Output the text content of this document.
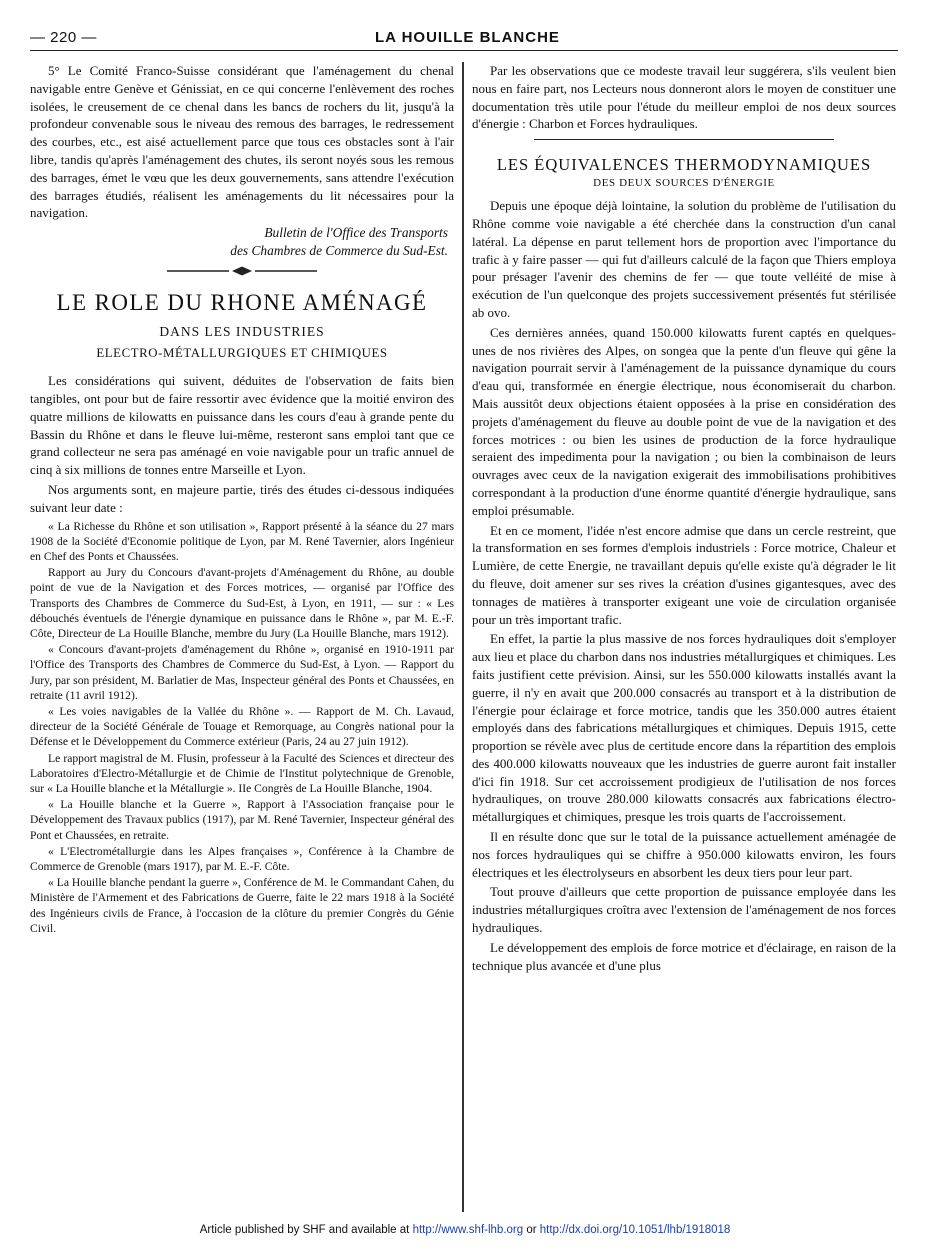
— 220 —	LA HOUILLE BLANCHE

5° Le Comité Franco-Suisse considérant que l'aménagement du chenal navigable entre Genève et Génissiat, en ce qui concerne l'enlèvement des roches isolées, le creusement de ce chenal dans les bancs de rochers du lit, jusqu'à la profondeur convenable sous le niveau des remous des barrages, le redressement des courbes, etc., est aisé actuellement parce que tous ces obstacles sont à l'air libre, tandis qu'après l'aménagement des chutes, ils seront noyés sous les remous des barrages, émet le vœu que les deux gouvernements, sans attendre l'exécution des barrages étudiés, réalisent les aménagements du lit nécessaires pour la navigation.

Bulletin de l'Office des Transports
des Chambres de Commerce du Sud-Est.
LE ROLE DU RHONE AMÉNAGÉ
DANS LES INDUSTRIES
ELECTRO-MÉTALLURGIQUES ET CHIMIQUES

Les considérations qui suivent, déduites de l'observation de faits bien tangibles, ont pour but de faire ressortir avec évidence que la moitié environ des quatre millions de kilowatts en puissance dans les cours d'eau à grande pente du Bassin du Rhône et dans le fleuve lui-même, resteront sans emploi tant que ce grand collecteur ne sera pas aménagé en voie navigable pour un trafic annuel de cinq à six millions de tonnes entre Marseille et Lyon.

Nos arguments sont, en majeure partie, tirés des études ci-dessous indiquées suivant leur date :

« La Richesse du Rhône et son utilisation », Rapport présenté à la séance du 27 mars 1908 de la Société d'Economie politique de Lyon, par M. René Tavernier, alors Ingénieur en Chef des Ponts et Chaussées.

Rapport au Jury du Concours d'avant-projets d'Aménagement du Rhône, au double point de vue de la Navigation et des Forces motrices, — organisé par l'Office des Transports des Chambres de Commerce du Sud-Est, à Lyon, en 1911, — sur : « Les débouchés éventuels de l'énergie dynamique en puissance dans le Rhône », par M. E.-F. Côte, Directeur de La Houille Blanche, membre du Jury (La Houille Blanche, mars 1912).

« Concours d'avant-projets d'aménagement du Rhône », organisé en 1910-1911 par l'Office des Transports des Chambres de Commerce du Sud-Est, à Lyon. — Rapport du Jury, par son président, M. Barlatier de Mas, Inspecteur général des Ponts et Chaussées, en retraite (11 avril 1912).

« Les voies navigables de la Vallée du Rhône ». — Rapport de M. Ch. Lavaud, directeur de la Société Générale de Touage et Remorquage, au Congrès national pour la Défense et le Développement du Commerce extérieur (Paris, 24 au 27 juin 1912).

Le rapport magistral de M. Flusin, professeur à la Faculté des Sciences et directeur des Laboratoires d'Electro-Métallurgie et de Chimie de l'Institut polytechnique de Grenoble, sur « La Houille blanche et la Métallurgie ». IIe Congrès de La Houille Blanche, 1904.

« La Houille blanche et la Guerre », Rapport à l'Association française pour le Développement des Travaux publics (1917), par M. René Tavernier, Inspecteur général des Pont et Chaussées, en retraite.

« L'Electrométallurgie dans les Alpes françaises », Conférence à la Chambre de Commerce de Grenoble (mars 1917), par M. E.-F. Côte.

« La Houille blanche pendant la guerre », Conférence de M. le Commandant Cahen, du Ministère de l'Armement et des Fabrications de Guerre, faite le 22 mars 1918 à la Société des Ingénieurs civils de France, à l'occasion de la clôture du premier Congrès du Génie Civil.

Par les observations que ce modeste travail leur suggérera, s'ils veulent bien nous en faire part, nos Lecteurs nous donneront alors le moyen de constituer une documentation très utile pour l'étude du meilleur emploi de nos deux sources d'énergie : Charbon et Forces hydrauliques.

LES ÉQUIVALENCES THERMODYNAMIQUES
DES DEUX SOURCES D'ÉNERGIE

Depuis une époque déjà lointaine, la solution du problème de l'utilisation du Rhône comme voie navigable a été cherchée dans la construction d'un canal latéral. La dépense en parut tellement hors de proportion avec l'importance du trafic à y faire passer — qui fut d'ailleurs calculé de la façon que Thiers employa pour présager l'avenir des chemins de fer — que toute velléité de mise à exécution de l'un quelconque des projets successivement présentés fut stérilisée ab ovo.

Ces dernières années, quand 150.000 kilowatts furent captés en quelques-unes de nos rivières des Alpes, on songea que la pente d'un fleuve qui gêne la navigation pourrait servir à l'aménagement de la puissance dynamique du cours d'eau qui, transformée en énergie électrique, nous économiserait du charbon. Mais aussitôt deux objections étaient opposées à la prise en considération des projets d'aménagement du fleuve au double point de vue de la navigation et des forces motrices : ou bien les usines de production de la force hydraulique seraient des impedimenta pour la navigation ; ou bien la combinaison de leurs ouvrages avec ceux de la navigation exigerait des immobilisations prohibitives correspondant à la production d'une énorme quantité d'énergie hydraulique, sans emploi présumable.

Et en ce moment, l'idée n'est encore admise que dans un cercle restreint, que la transformation en ses formes d'emplois industriels : Force motrice, Chaleur et Lumière, de cette Energie, ne travaillant depuis qu'elle existe qu'à dégrader le lit du fleuve, doit amener sur ses rives la création d'usines gigantesques, avec des tonnages de matières à transporter exigeant une voie de circulation organisée pour un très important trafic.

En effet, la partie la plus massive de nos forces hydrauliques doit s'employer aux lieu et place du charbon dans nos industries métallurgiques et chimiques. Les faits justifient cette prévision. Ainsi, sur les 550.000 kilowatts installés avant la guerre, il n'y en avait que 200.000 consacrés au transport et à la distribution de l'énergie pour éclairage et force motrice, tandis que les 350.000 autres étaient employés dans des fabrications métallurgiques et chimiques. Depuis 1915, cette proportion se révèle avec plus de certitude encore dans la répartition des emplois des 400.000 kilowatts nouveaux que les industries de guerre auront fait installer d'ici fin 1918. Sur cet accroissement prodigieux de l'utilisation de nos forces hydrauliques, on trouve 280.000 kilowatts consacrés aux fabrications électro-métallurgiques et chimiques, presque les trois quarts de l'accroissement.

Il en résulte donc que sur le total de la puissance actuellement aménagée de nos forces hydrauliques qui se chiffre à 950.000 kilowatts environ, les fours électriques et les électrolyseurs en absorbent les deux tiers pour leur part.

Tout prouve d'ailleurs que cette proportion de puissance employée dans les industries métallurgiques croîtra avec l'extension de l'aménagement de nos forces hydrauliques.

Le développement des emplois de force motrice et d'éclairage, en raison de la technique plus avancée et d'une plus

Article published by SHF and available at http://www.shf-lhb.org or http://dx.doi.org/10.1051/lhb/1918018
